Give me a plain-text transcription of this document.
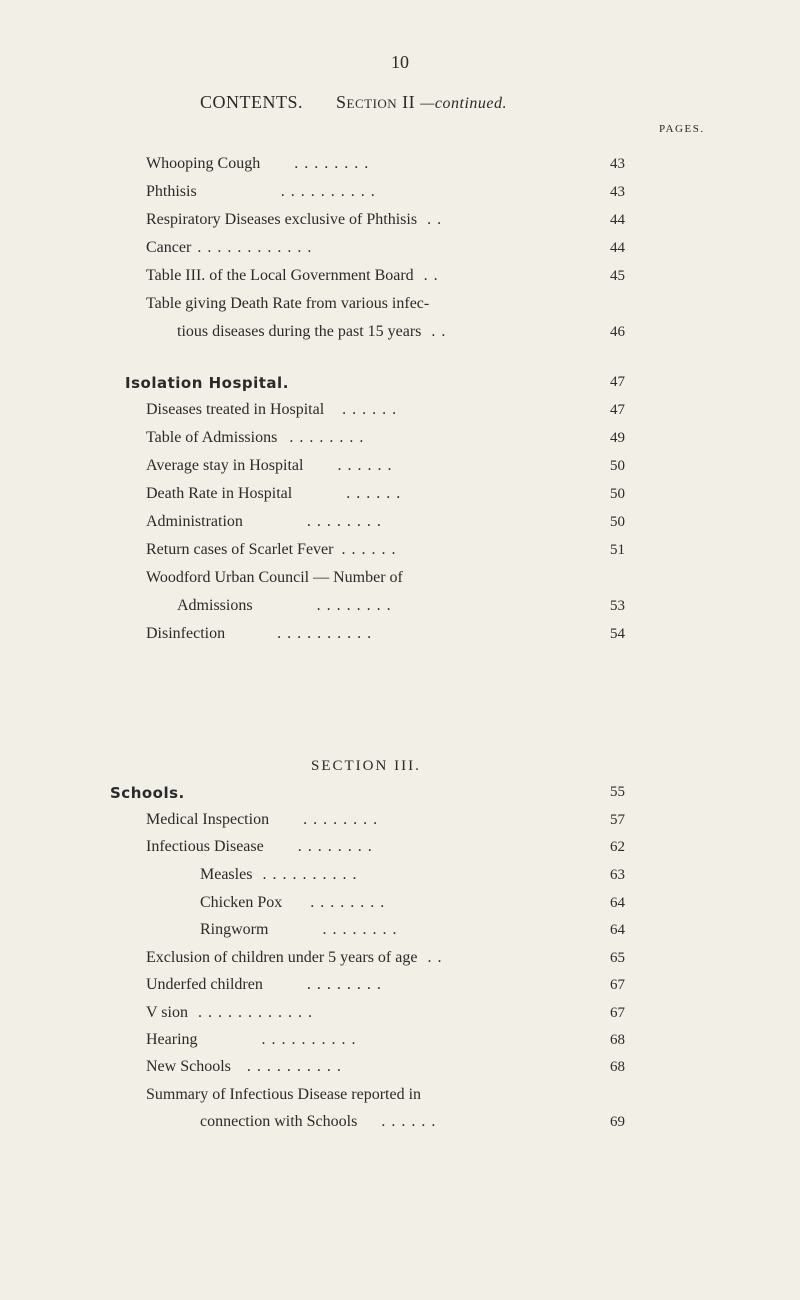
10
CONTENTS. Section II —continued.
PAGES.
Whooping Cough . . . . . . . .	43
Phthisis	. . . . . . . . . .	43
Respiratory Diseases exclusive of Phthisis . .	44
Cancer . . . . . . . . . . . .	44
Table III. of the Local Government Board . .	45
Table giving Death Rate from various infec-
tious diseases during the past 15 years . .	46
Isolation Hospital.	47
Diseases treated in Hospital . . . . . .	47
Table of Admissions . . . . . . . .	49
Average stay in Hospital . . . . . .	50
Death Rate in Hospital	. . . . . .	50
Administration	. . . . . . . .	50
Return cases of Scarlet Fever . . . . . .	51
Woodford Urban Council — Number of
Admissions	. . . . . . . .	53
Disinfection	. . . . . . . . . .	54
SECTION III.
Schools.	55
Medical Inspection . . . . . . . .	57
Infectious Disease . . . . . . . .	62
Measles . . . . . . . . . .	63
Chicken Pox . . . . . . . .	64
Ringworm	. . . . . . . .	64
Exclusion of children under 5 years of age . .	65
Underfed children	. . . . . . . .	67
V sion . . . . . . . . . . . .	67
Hearing	. . . . . . . . . .	68
New Schools . . . . . . . . . .	68
Summary of Infectious Disease reported in
connection with Schools . . . . . .	69
